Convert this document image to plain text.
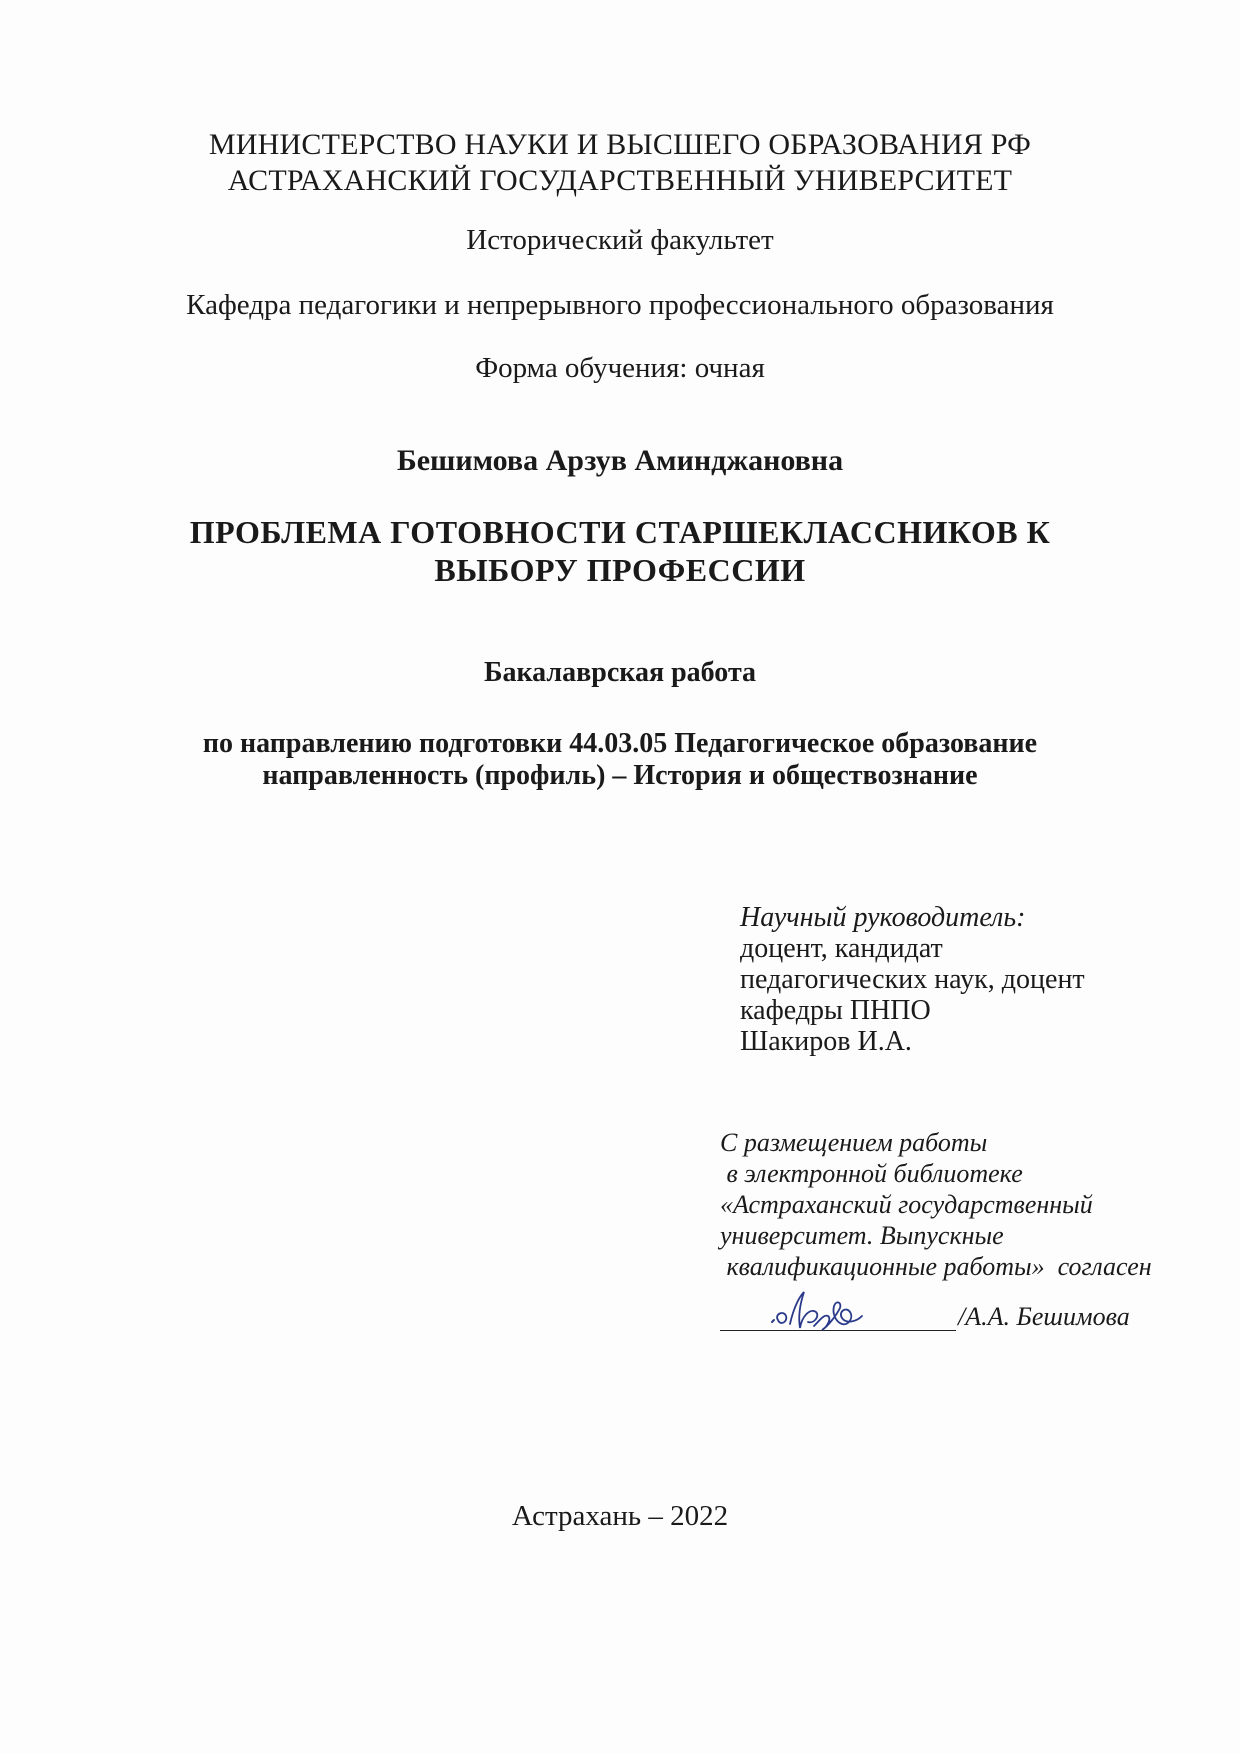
МИНИСТЕРСТВО НАУКИ И ВЫСШЕГО ОБРАЗОВАНИЯ РФ
АСТРАХАНСКИЙ ГОСУДАРСТВЕННЫЙ УНИВЕРСИТЕТ
Исторический факультет
Кафедра педагогики и непрерывного профессионального образования
Форма обучения: очная
Бешимова Арзув Аминджановна
ПРОБЛЕМА ГОТОВНОСТИ СТАРШЕКЛАССНИКОВ К
ВЫБОРУ ПРОФЕССИИ
Бакалаврская работа
по направлению подготовки 44.03.05 Педагогическое образование
направленность (профиль) – История и обществознание
Научный руководитель:
доцент, кандидат
педагогических наук, доцент
кафедры ПНПО
Шакиров И.А.
С размещением работы
в электронной библиотеке
«Астраханский государственный
университет. Выпускные
квалификационные работы»  согласен
/А.А. Бешимова
Астрахань – 2022
